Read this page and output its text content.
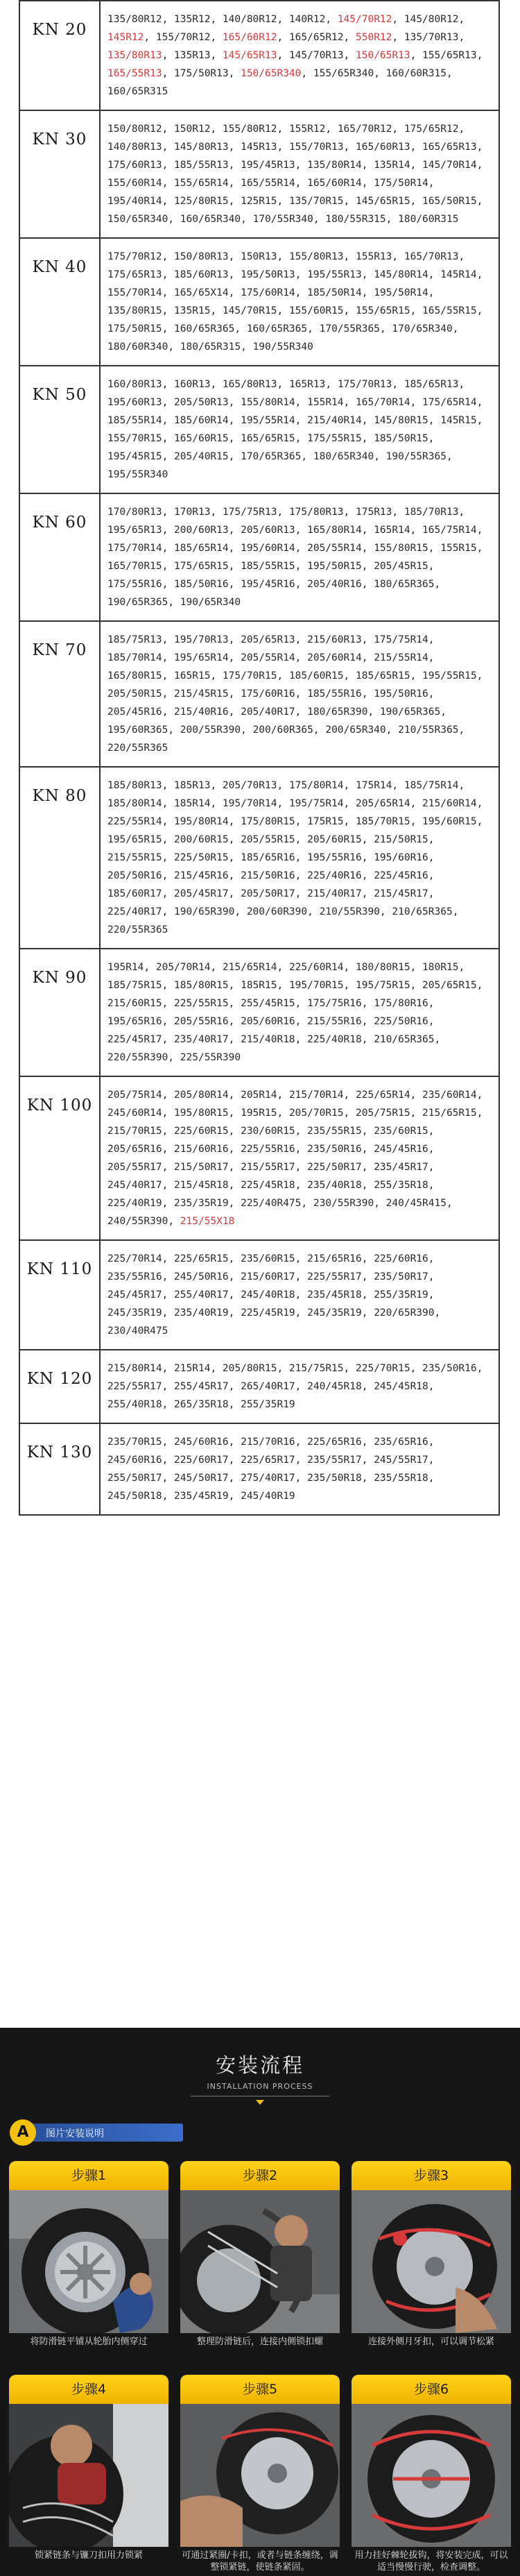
KN 20	135/80R12, 135R12, 140/80R12, 140R12, 145/70R12, 145/80R12, 145R12, 155/70R12, 165/60R12, 165/65R12, 550R12, 135/70R13, 135/80R13, 135R13, 145/65R13, 145/70R13, 150/65R13, 155/65R13, 165/55R13, 175/50R13, 150/65R340, 155/65R340, 160/60R315, 160/65R315
KN 30	150/80R12, 150R12, 155/80R12, 155R12, 165/70R12, 175/65R12, 140/80R13, 145/80R13, 145R13, 155/70R13, 165/60R13, 165/65R13, 175/60R13, 185/55R13, 195/45R13, 135/80R14, 135R14, 145/70R14, 155/60R14, 155/65R14, 165/55R14, 165/60R14, 175/50R14, 195/40R14, 125/80R15, 125R15, 135/70R15, 145/65R15, 165/50R15, 150/65R340, 160/65R340, 170/55R340, 180/55R315, 180/60R315
KN 40	175/70R12, 150/80R13, 150R13, 155/80R13, 155R13, 165/70R13, 175/65R13, 185/60R13, 195/50R13, 195/55R13, 145/80R14, 145R14, 155/70R14, 165/65X14, 175/60R14, 185/50R14, 195/50R14, 135/80R15, 135R15, 145/70R15, 155/60R15, 155/65R15, 165/55R15, 175/50R15, 160/65R365, 160/65R365, 170/55R365, 170/65R340, 180/60R340, 180/65R315, 190/55R340
KN 50	160/80R13, 160R13, 165/80R13, 165R13, 175/70R13, 185/65R13, 195/60R13, 205/50R13, 155/80R14, 155R14, 165/70R14, 175/65R14, 185/55R14, 185/60R14, 195/55R14, 215/40R14, 145/80R15, 145R15, 155/70R15, 165/60R15, 165/65R15, 175/55R15, 185/50R15, 195/45R15, 205/40R15, 170/65R365, 180/65R340, 190/55R365, 195/55R340
KN 60	170/80R13, 170R13, 175/75R13, 175/80R13, 175R13, 185/70R13, 195/65R13, 200/60R13, 205/60R13, 165/80R14, 165R14, 165/75R14, 175/70R14, 185/65R14, 195/60R14, 205/55R14, 155/80R15, 155R15, 165/70R15, 175/65R15, 185/55R15, 195/50R15, 205/45R15, 175/55R16, 185/50R16, 195/45R16, 205/40R16, 180/65R365, 190/65R365, 190/65R340
KN 70	185/75R13, 195/70R13, 205/65R13, 215/60R13, 175/75R14, 185/70R14, 195/65R14, 205/55R14, 205/60R14, 215/55R14, 165/80R15, 165R15, 175/70R15, 185/60R15, 185/65R15, 195/55R15, 205/50R15, 215/45R15, 175/60R16, 185/55R16, 195/50R16, 205/45R16, 215/40R16, 205/40R17, 180/65R390, 190/65R365, 195/60R365, 200/55R390, 200/60R365, 200/65R340, 210/55R365, 220/55R365
KN 80	185/80R13, 185R13, 205/70R13, 175/80R14, 175R14, 185/75R14, 185/80R14, 185R14, 195/70R14, 195/75R14, 205/65R14, 215/60R14, 225/55R14, 195/80R14, 175/80R15, 175R15, 185/70R15, 195/60R15, 195/65R15, 200/60R15, 205/55R15, 205/60R15, 215/50R15, 215/55R15, 225/50R15, 185/65R16, 195/55R16, 195/60R16, 205/50R16, 215/45R16, 215/50R16, 225/40R16, 225/45R16, 185/60R17, 205/45R17, 205/50R17, 215/40R17, 215/45R17, 225/40R17, 190/65R390, 200/60R390, 210/55R390, 210/65R365, 220/55R365
KN 90	195R14, 205/70R14, 215/65R14, 225/60R14, 180/80R15, 180R15, 185/75R15, 185/80R15, 185R15, 195/70R15, 195/75R15, 205/65R15, 215/60R15, 225/55R15, 255/45R15, 175/75R16, 175/80R16, 195/65R16, 205/55R16, 205/60R16, 215/55R16, 225/50R16, 225/45R17, 235/40R17, 215/40R18, 225/40R18, 210/65R365, 220/55R390, 225/55R390
KN 100	205/75R14, 205/80R14, 205R14, 215/70R14, 225/65R14, 235/60R14, 245/60R14, 195/80R15, 195R15, 205/70R15, 205/75R15, 215/65R15, 215/70R15, 225/60R15, 230/60R15, 235/55R15, 235/60R15, 205/65R16, 215/60R16, 225/55R16, 235/50R16, 245/45R16, 205/55R17, 215/50R17, 215/55R17, 225/50R17, 235/45R17, 245/40R17, 215/45R18, 225/45R18, 235/40R18, 255/35R18, 225/40R19, 235/35R19, 225/40R475, 230/55R390, 240/45R415, 240/55R390, 215/55X18
KN 110	225/70R14, 225/65R15, 235/60R15, 215/65R16, 225/60R16, 235/55R16, 245/50R16, 215/60R17, 225/55R17, 235/50R17, 245/45R17, 255/40R17, 245/40R18, 235/45R18, 255/35R19, 245/35R19, 235/40R19, 225/45R19, 245/35R19, 220/65R390, 230/40R475
KN 120	215/80R14, 215R14, 205/80R15, 215/75R15, 225/70R15, 235/50R16, 225/55R17, 255/45R17, 265/40R17, 240/45R18, 245/45R18, 255/40R18, 265/35R18, 255/35R19
KN 130	235/70R15, 245/60R16, 215/70R16, 225/65R16, 235/65R16, 245/60R16, 225/60R17, 225/65R17, 235/55R17, 245/55R17, 255/50R17, 245/50R17, 275/40R17, 235/50R18, 235/55R18, 245/50R18, 235/45R19, 245/40R19
安装流程
INSTALLATION PROCESS
A	图片安装说明
步骤1
将防滑链平铺从轮胎内侧穿过
步骤2
整理防滑链后，连接内侧锁扣螺
步骤3
连接外侧月牙扣，可以调节松紧
步骤4
锁紧链条与镰刀扣用力锁紧
步骤5
可通过紧圈/卡扣，或者与链条缠绕，调整锁紧链，使链条紧固。
步骤6
用力挂好棘轮拔钩，将安装完成，可以适当慢慢行驶，检查调整。
